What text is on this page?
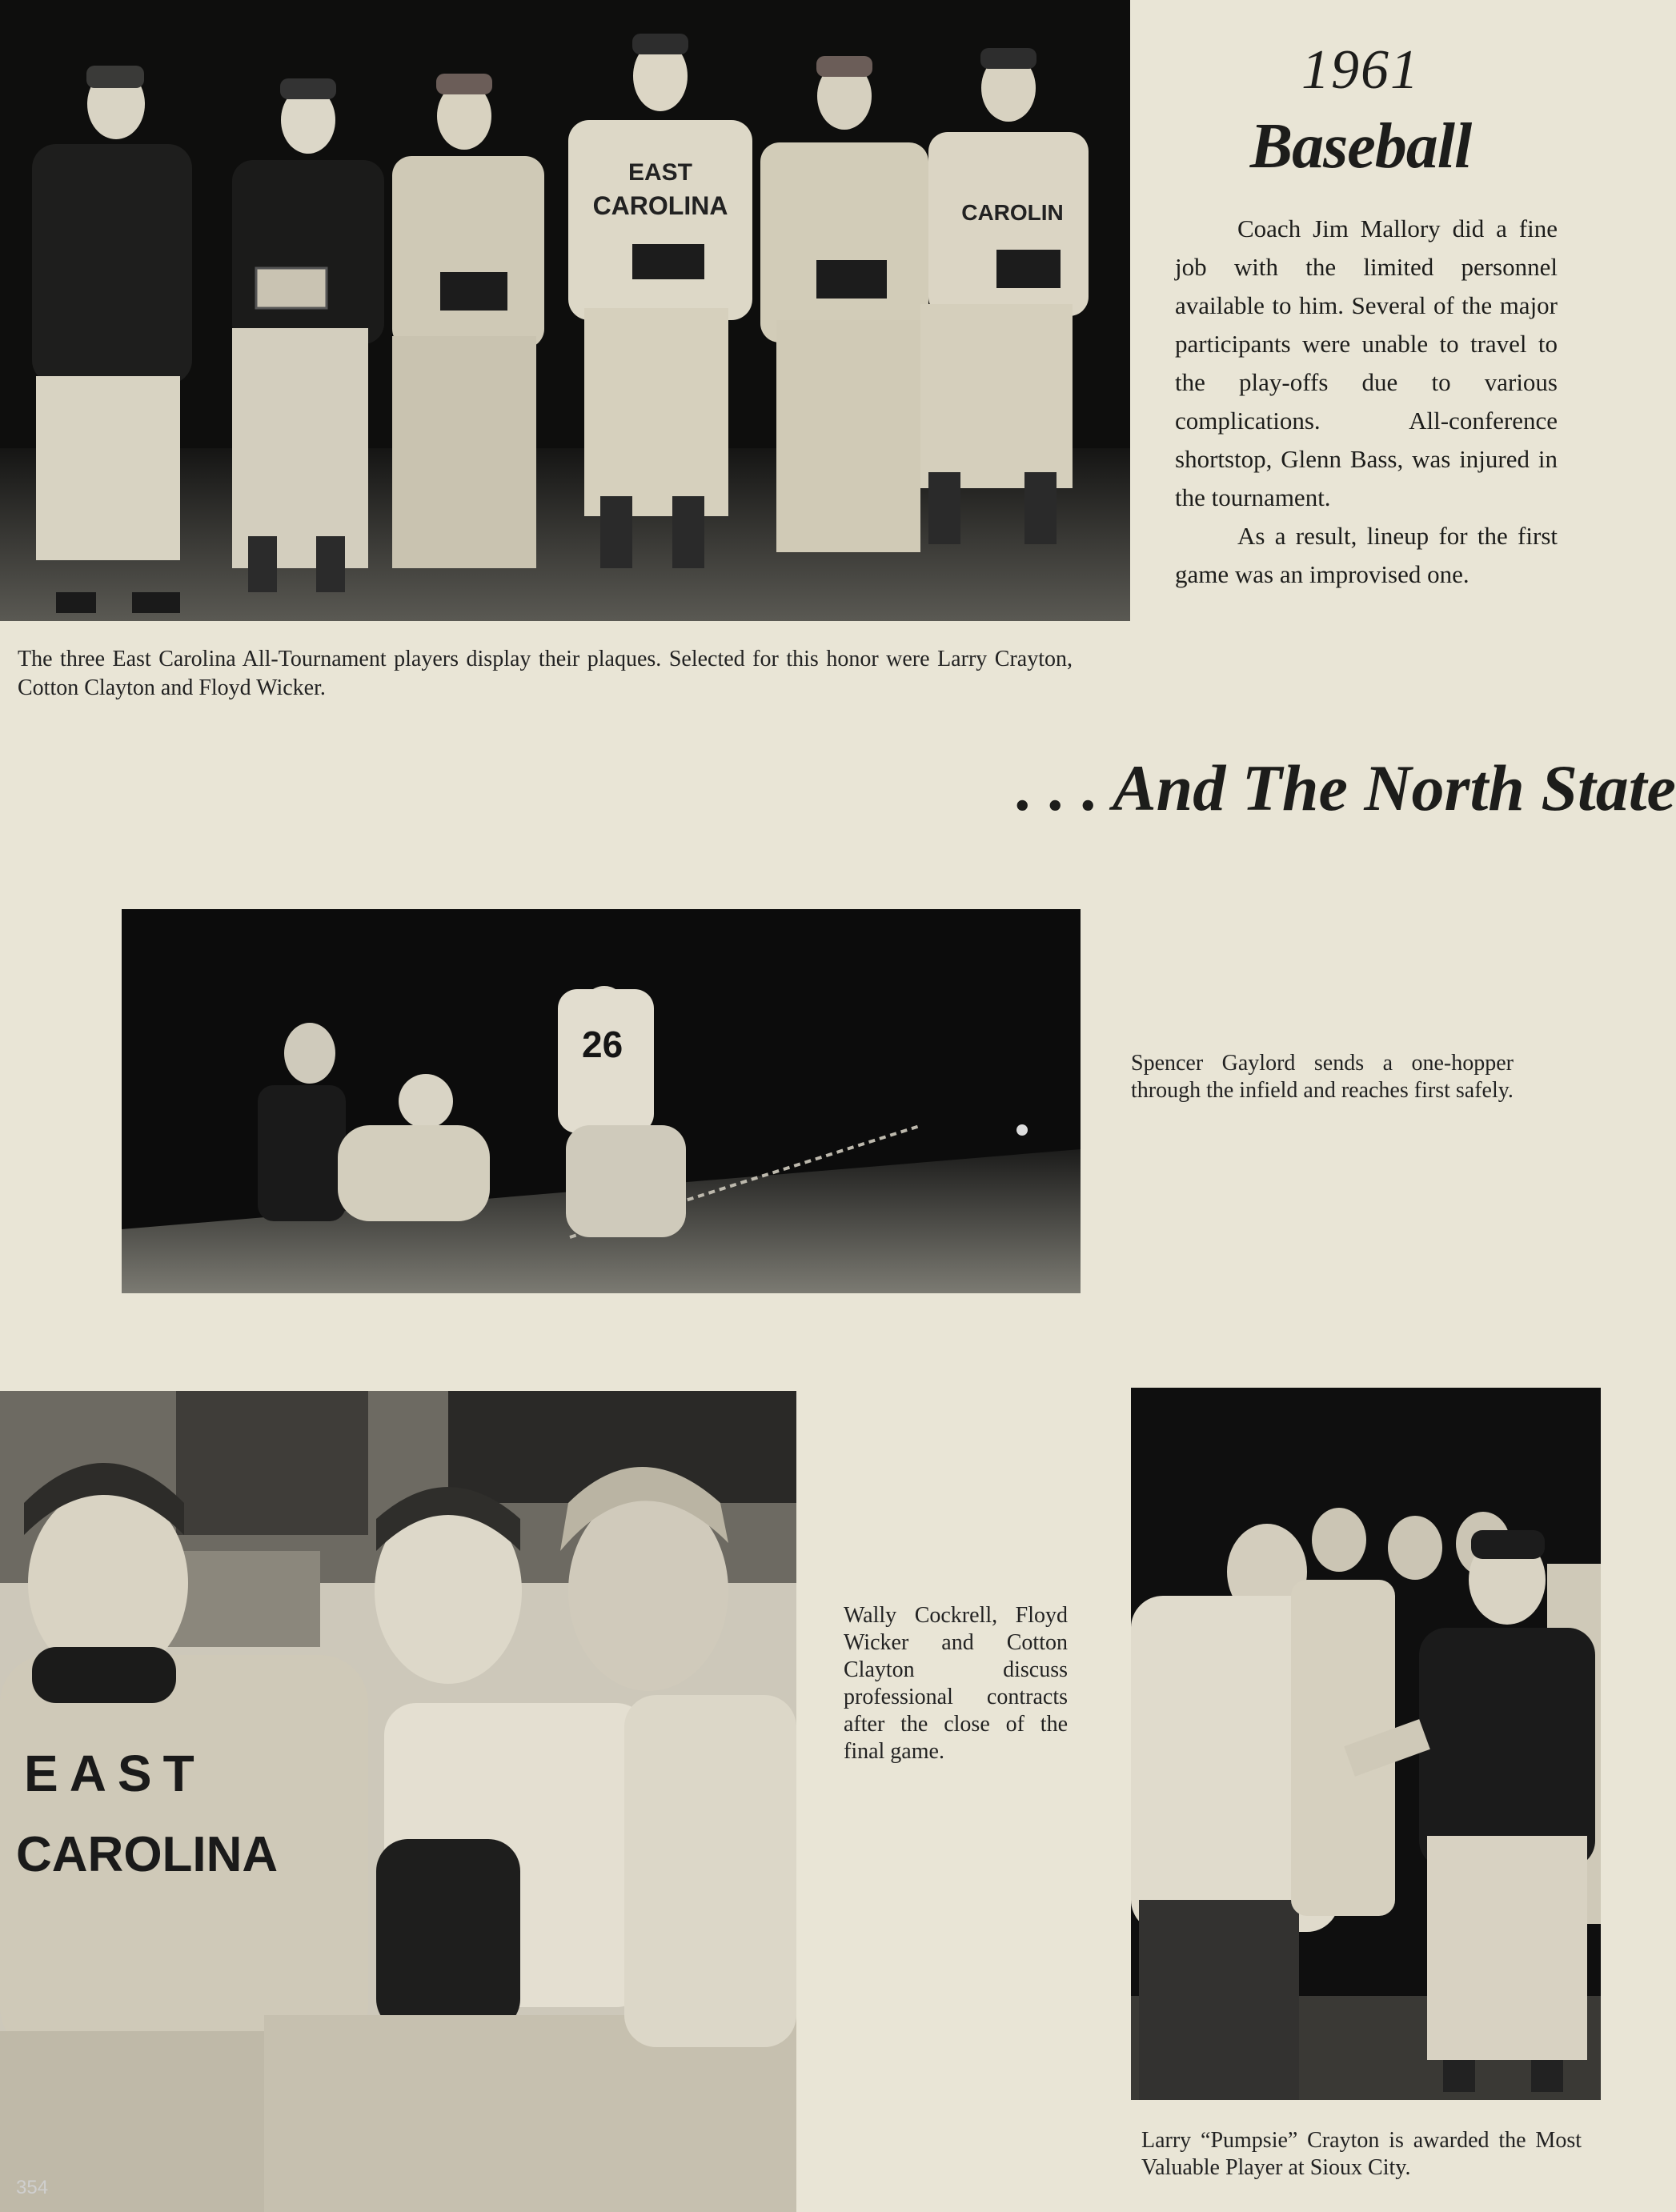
EAST
CAROLINA	CAROLIN
The three East Carolina All-Tournament players display their plaques. Selected for this honor were Larry Crayton, Cotton Clayton and Floyd Wicker.
1961
Baseball

Coach Jim Mallory did a fine job with the limited personnel available to him. Several of the major participants were unable to travel to the play-offs due to various complications. All-conference shortstop, Glenn Bass, was injured in the tournament.

As a result, lineup for the first game was an improvised one.

. . . And The North State
26	Spencer Gaylord sends a one-hopper through the infield and reaches first safely.
EAST
CAROLINA
Wally Cockrell, Floyd Wicker and Cotton Clayton discuss professional contracts after the close of the final game.
Larry “Pumpsie” Crayton is awarded the Most Valuable Player at Sioux City.
354
